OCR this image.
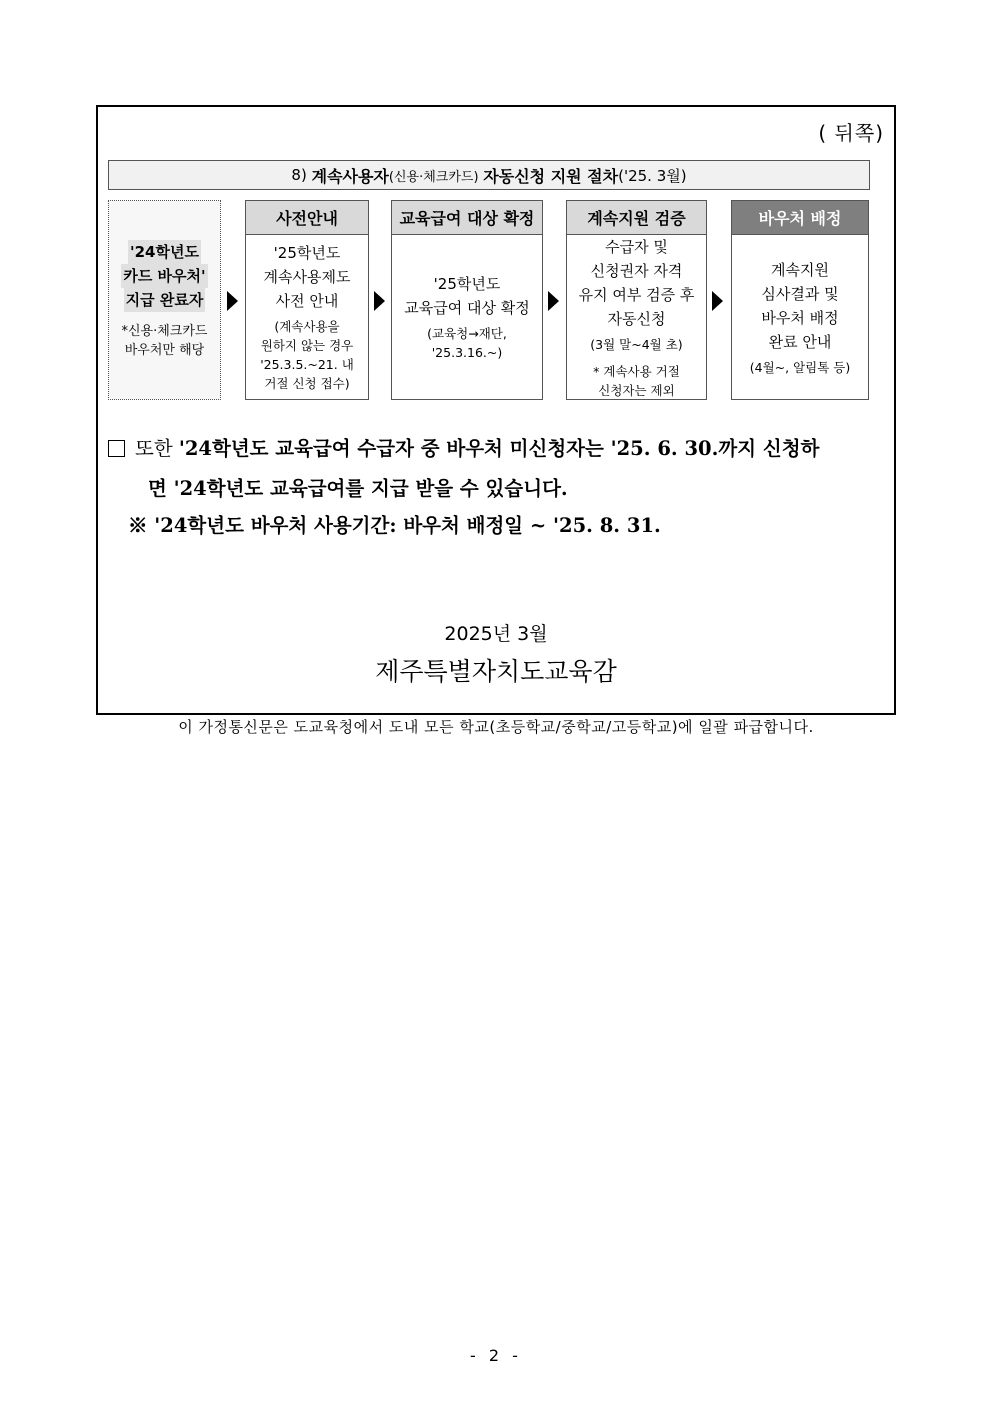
( 뒤쪽)
8)
계속사용자 (신용·체크카드)
자동신청 지원 절차 ('25. 3월)
'24학년도
카드 바우처'
지급 완료자
*신용·체크카드
바우처만 해당
사전안내
'25학년도
계속사용제도
사전 안내
(계속사용을
원하지 않는 경우
'25.3.5.~21. 내
거절 신청 접수)
교육급여 대상 확정
'25학년도
교육급여 대상 확정
(교육청→재단,
'25.3.16.~)
계속지원 검증
수급자 및
신청권자 자격
유지 여부 검증 후
자동신청
(3월 말~4월 초)
* 계속사용 거절
신청자는 제외
바우처 배정
계속지원
심사결과 및
바우처 배정
완료 안내
(4월~, 알림톡 등)
또한 '24학년도 교육급여 수급자 중 바우처 미신청자는 '25. 6. 30.까지 신청하
면 '24학년도 교육급여를 지급 받을 수 있습니다.
※ '24학년도 바우처 사용기간: 바우처 배정일 ~ '25. 8. 31.
2025년 3월
제주특별자치도교육감
이 가정통신문은 도교육청에서 도내 모든 학교(초등학교/중학교/고등학교)에 일괄 파급합니다.
- 2 -
